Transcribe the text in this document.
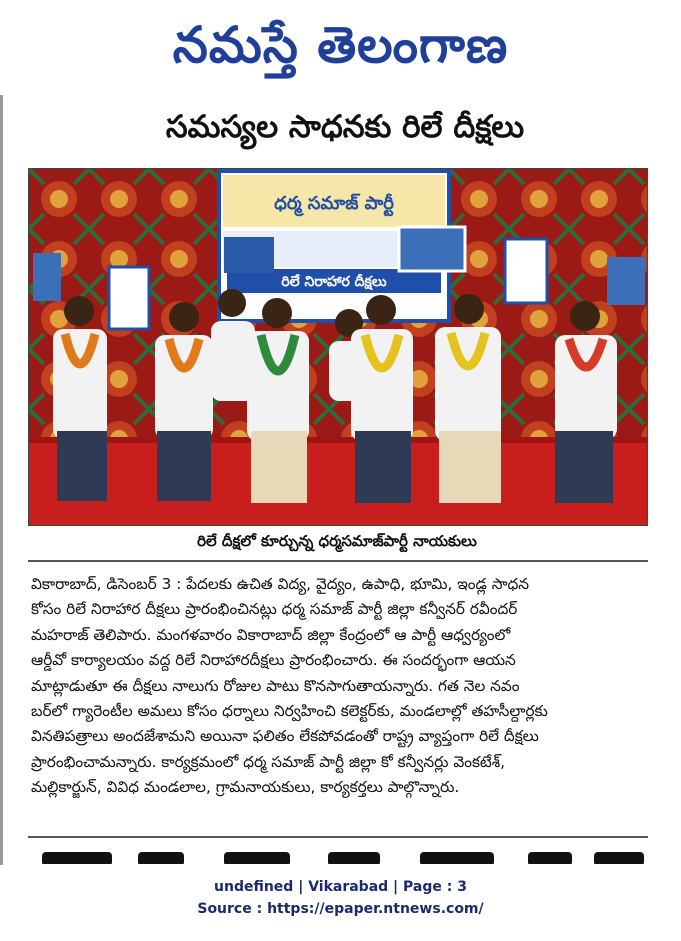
నమస్తే తెలంగాణ
సమస్యల సాధనకు రిలే దీక్షలు
ధర్మ సమాజ్ పార్టీ
రిలే నిరాహార దీక్షలు
రిలే దీక్షలో కూర్చున్న ధర్మసమాజ్‌పార్టీ నాయకులు
వికారాబాద్, డిసెంబర్ 3 : పేదలకు ఉచిత విద్య, వైద్యం, ఉపాధి, భూమి, ఇండ్ల సాధన
కోసం రిలే నిరాహార దీక్షలు ప్రారంభించినట్లు ధర్మ సమాజ్ పార్టీ జిల్లా కన్వీనర్ రవీందర్
మహరాజ్ తెలిపారు. మంగళవారం వికారాబాద్ జిల్లా కేంద్రంలో ఆ పార్టీ ఆధ్వర్యంలో
ఆర్డీవో కార్యాలయం వద్ద రిలే నిరాహారదీక్షలు ప్రారంభించారు. ఈ సందర్భంగా ఆయన
మాట్లాడుతూ ఈ దీక్షలు నాలుగు రోజుల పాటు కొనసాగుతాయన్నారు. గత నెల నవం
బర్‌లో గ్యారెంటీల అమలు కోసం ధర్నాలు నిర్వహించి కలెక్టర్‌కు, మండలాల్లో తహసీల్దార్లకు
వినతిపత్రాలు అందజేశామని అయినా ఫలితం లేకపోవడంతో రాష్ట్ర వ్యాప్తంగా రిలే దీక్షలు
ప్రారంభించామన్నారు. కార్యక్రమంలో ధర్మ సమాజ్ పార్టీ జిల్లా కో కన్వీనర్లు వెంకటేశ్,
మల్లికార్జున్, వివిధ మండలాల, గ్రామనాయకులు, కార్యకర్తలు పాల్గొన్నారు.
undefined | Vikarabad | Page : 3
Source : https://epaper.ntnews.com/
